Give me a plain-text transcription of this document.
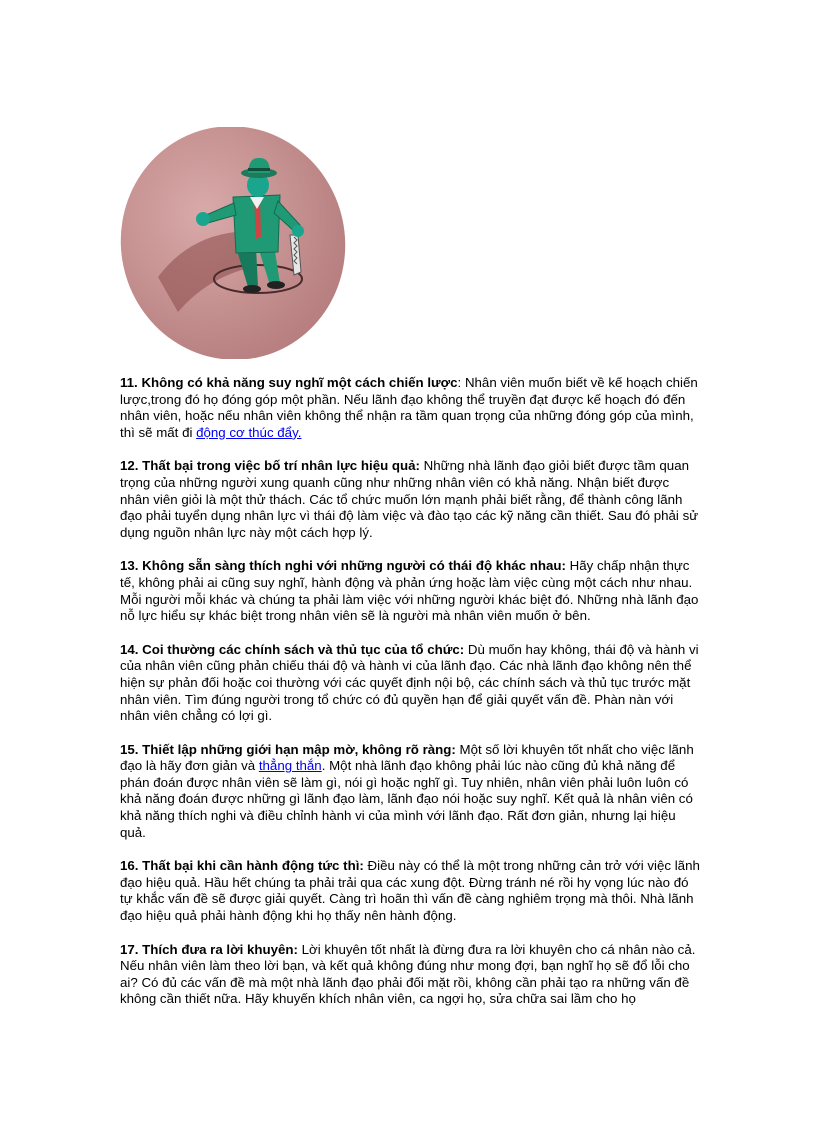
11. Không có khả năng suy nghĩ một cách chiến lược: Nhân viên muốn biết về kế hoạch chiến lược,trong đó họ đóng góp một phần. Nếu lãnh đạo không thể truyền đạt được kế hoạch đó đến nhân viên, hoặc nếu nhân viên không thể nhận ra tầm quan trọng của những đóng góp của mình, thì sẽ mất đi động cơ thúc đẩy.

12. Thất bại trong việc bố trí nhân lực hiệu quả: Những nhà lãnh đạo giỏi biết được tầm quan trọng của những người xung quanh cũng như những nhân viên có khả năng. Nhận biết được nhân viên giỏi là một thử thách. Các tổ chức muốn lớn mạnh phải biết rằng, để thành công lãnh đạo phải tuyển dụng nhân lực vì thái độ làm việc và đào tạo các kỹ năng cần thiết. Sau đó phải sử dụng nguồn nhân lực này một cách hợp lý.

13. Không sẵn sàng thích nghi với những người có thái độ khác nhau: Hãy chấp nhận thực tế, không phải ai cũng suy nghĩ, hành động và phản ứng hoặc làm việc cùng một cách như nhau. Mỗi người mỗi khác và chúng ta phải làm việc với những người khác biệt đó. Những nhà lãnh đạo nỗ lực hiểu sự khác biệt trong nhân viên sẽ là người mà nhân viên muốn ở bên.

14. Coi thường các chính sách và thủ tục của tổ chức: Dù muốn hay không, thái độ và hành vi của nhân viên cũng phản chiếu thái độ và hành vi của lãnh đạo. Các nhà lãnh đạo không nên thể hiện sự phản đối hoặc coi thường với các quyết định nội bộ, các chính sách và thủ tục trước mặt nhân viên. Tìm đúng người trong tổ chức có đủ quyền hạn để giải quyết vấn đề. Phàn nàn với nhân viên chẳng có lợi gì.

15. Thiết lập những giới hạn mập mờ, không rõ ràng: Một số lời khuyên tốt nhất cho việc lãnh đạo là hãy đơn giản và thẳng thắn. Một nhà lãnh đạo không phải lúc nào cũng đủ khả năng để phán đoán được nhân viên sẽ làm gì, nói gì hoặc nghĩ gì. Tuy nhiên, nhân viên phải luôn luôn có khả năng đoán được những gì lãnh đạo làm, lãnh đạo nói hoặc suy nghĩ. Kết quả là nhân viên có khả năng thích nghi và điều chỉnh hành vi của mình với lãnh đạo. Rất đơn giản, nhưng lại hiệu quả.

16. Thất bại khi cần hành động tức thì: Điều này có thể là một trong những cản trở với việc lãnh đạo hiệu quả. Hầu hết chúng ta phải trải qua các xung đột. Đừng tránh né rồi hy vọng lúc nào đó tự khắc vấn đề sẽ được giải quyết. Càng trì hoãn thì vấn đề càng nghiêm trọng mà thôi. Nhà lãnh đạo hiệu quả phải hành động khi họ thấy nên hành động.

17. Thích đưa ra lời khuyên: Lời khuyên tốt nhất là đừng đưa ra lời khuyên cho cá nhân nào cả. Nếu nhân viên làm theo lời bạn, và kết quả không đúng như mong đợi, bạn nghĩ họ sẽ đổ lỗi cho ai? Có đủ các vấn đề mà một nhà lãnh đạo phải đối mặt rồi, không cần phải tạo ra những vấn đề không cần thiết nữa. Hãy khuyến khích nhân viên, ca ngợi họ, sửa chữa sai lầm cho họ
